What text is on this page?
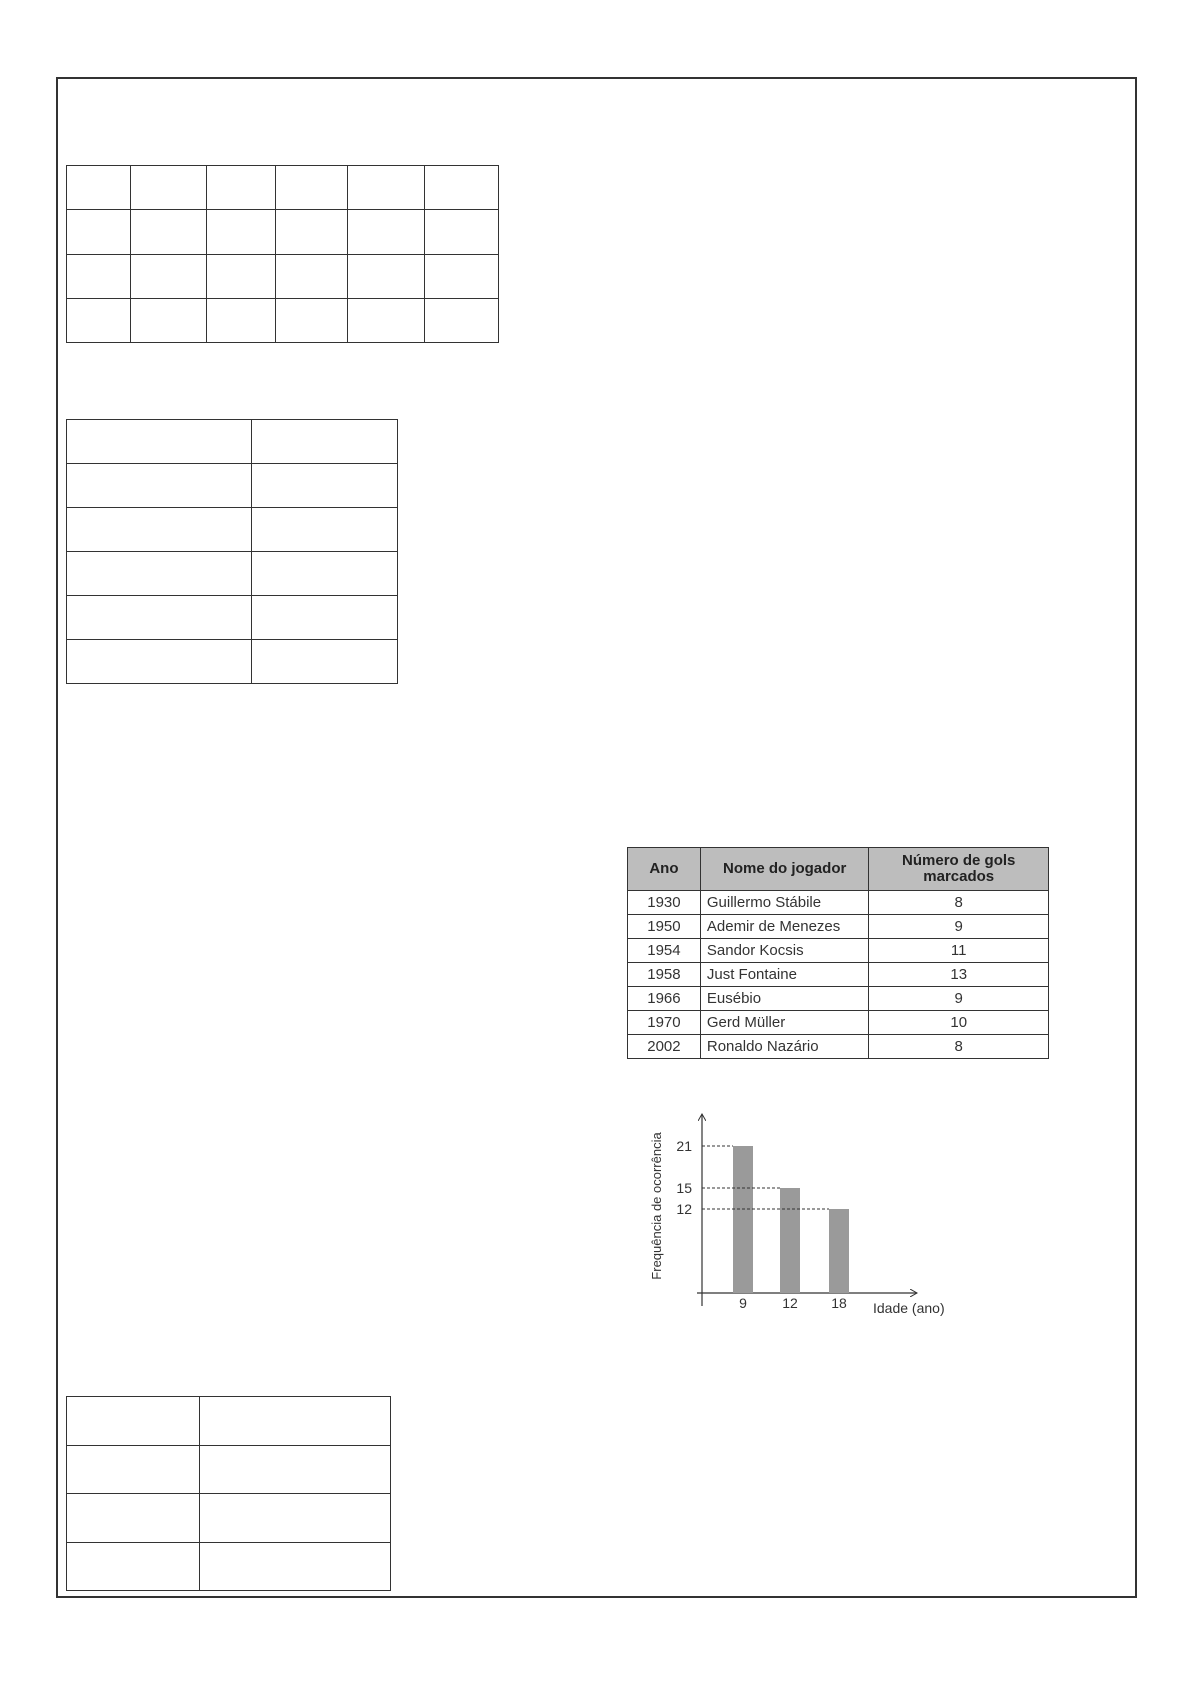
Ano	Nome do jogador	Número de gols marcados
1930	Guillermo Stábile	8
1950	Ademir de Menezes	9
1954	Sandor Kocsis	11
1958	Just Fontaine	13
1966	Eusébio	9
1970	Gerd Müller	10
2002	Ronaldo Nazário	8
21
9
15
12
12
18
Frequência de ocorrência
Idade (ano)
